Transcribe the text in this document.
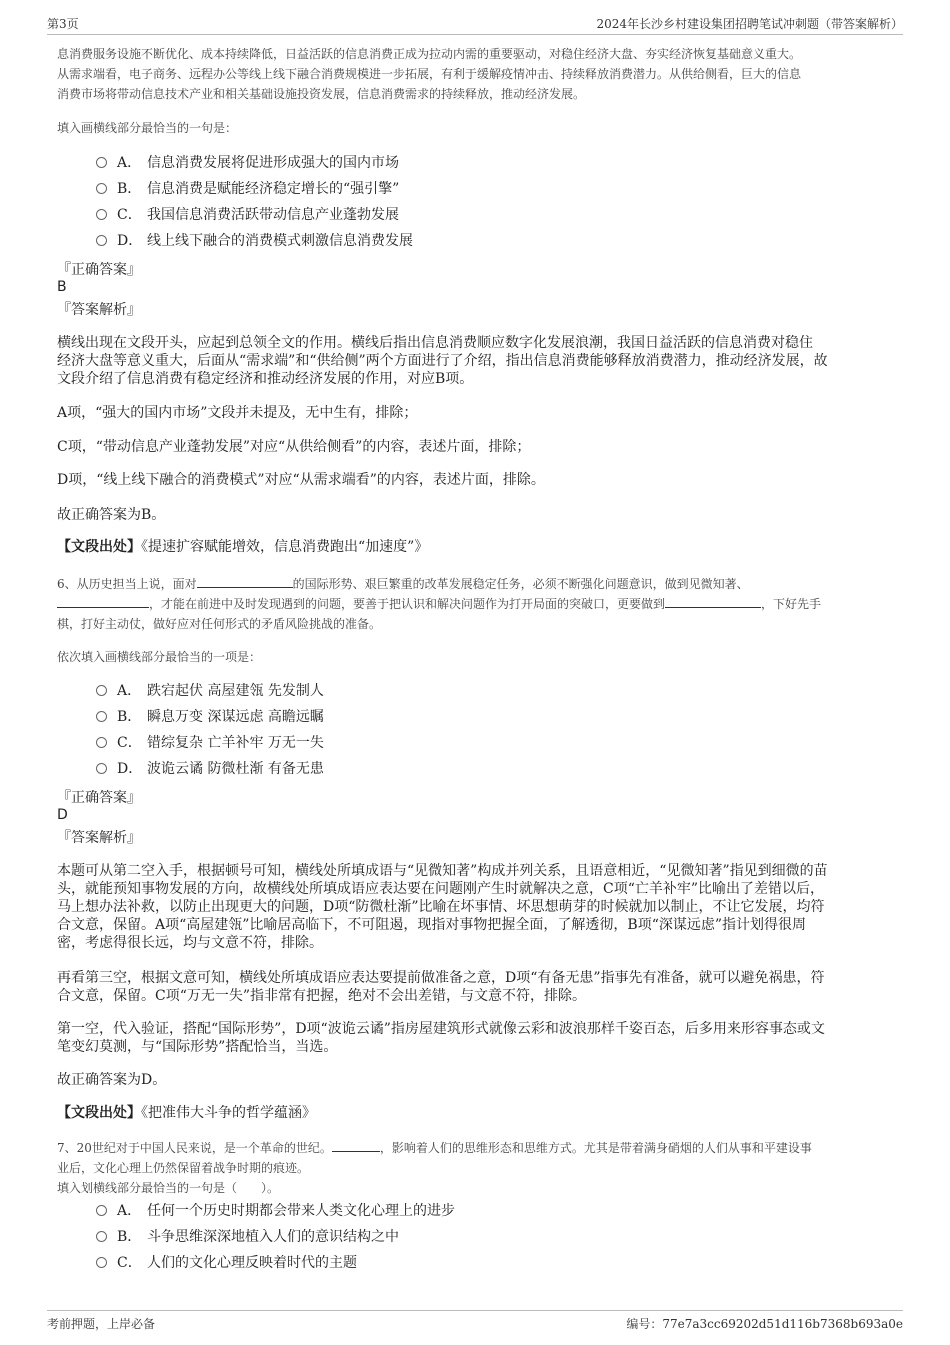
第3页	2024年长沙乡村建设集团招聘笔试冲刺题（带答案解析）
息消费服务设施不断优化、成本持续降低，日益活跃的信息消费正成为拉动内需的重要驱动，对稳住经济大盘、夯实经济恢复基础意义重大。
从需求端看，电子商务、远程办公等线上线下融合消费规模进一步拓展，有利于缓解疫情冲击、持续释放消费潜力。从供给侧看，巨大的信息
消费市场将带动信息技术产业和相关基础设施投资发展，信息消费需求的持续释放，推动经济发展。
填入画横线部分最恰当的一句是：
A． 信息消费发展将促进形成强大的国内市场
B． 信息消费是赋能经济稳定增长的“强引擎”
C． 我国信息消费活跃带动信息产业蓬勃发展
D． 线上线下融合的消费模式刺激信息消费发展
『正确答案』
B
『答案解析』
横线出现在文段开头，应起到总领全文的作用。横线后指出信息消费顺应数字化发展浪潮，我国日益活跃的信息消费对稳住
经济大盘等意义重大，后面从“需求端”和“供给侧”两个方面进行了介绍，指出信息消费能够释放消费潜力，推动经济发展，故
文段介绍了信息消费有稳定经济和推动经济发展的作用，对应B项。
A项，“强大的国内市场”文段并未提及，无中生有，排除；
C项，“带动信息产业蓬勃发展”对应“从供给侧看”的内容，表述片面，排除；
D项，“线上线下融合的消费模式”对应“从需求端看”的内容，表述片面，排除。
故正确答案为B。
【文段出处】《提速扩容赋能增效，信息消费跑出“加速度”》
6、从历史担当上说，面对	的国际形势、艰巨繁重的改革发展稳定任务，必须不断强化问题意识，做到见微知著、
，才能在前进中及时发现遇到的问题，要善于把认识和解决问题作为打开局面的突破口，更要做到	，下好先手
棋，打好主动仗，做好应对任何形式的矛盾风险挑战的准备。
依次填入画横线部分最恰当的一项是：
A． 跌宕起伏 高屋建瓴 先发制人
B． 瞬息万变 深谋远虑 高瞻远瞩
C． 错综复杂 亡羊补牢 万无一失
D． 波诡云谲 防微杜渐 有备无患
『正确答案』
D
『答案解析』
本题可从第二空入手，根据顿号可知，横线处所填成语与“见微知著”构成并列关系，且语意相近，“见微知著”指见到细微的苗
头，就能预知事物发展的方向，故横线处所填成语应表达要在问题刚产生时就解决之意，C项“亡羊补牢”比喻出了差错以后，
马上想办法补救，以防止出现更大的问题，D项“防微杜渐”比喻在坏事情、坏思想萌芽的时候就加以制止，不让它发展，均符
合文意，保留。A项“高屋建瓴”比喻居高临下，不可阻遏，现指对事物把握全面，了解透彻，B项“深谋远虑”指计划得很周
密，考虑得很长远，均与文意不符，排除。
再看第三空，根据文意可知，横线处所填成语应表达要提前做准备之意，D项“有备无患”指事先有准备，就可以避免祸患，符
合文意，保留。C项“万无一失”指非常有把握，绝对不会出差错，与文意不符，排除。
第一空，代入验证，搭配“国际形势”，D项“波诡云谲”指房屋建筑形式就像云彩和波浪那样千姿百态，后多用来形容事态或文
笔变幻莫测，与“国际形势”搭配恰当，当选。
故正确答案为D。
【文段出处】《把准伟大斗争的哲学蕴涵》
7、20世纪对于中国人民来说，是一个革命的世纪。	，影响着人们的思维形态和思维方式。尤其是带着满身硝烟的人们从事和平建设事
业后，文化心理上仍然保留着战争时期的痕迹。
填入划横线部分最恰当的一句是（　　）。
A． 任何一个历史时期都会带来人类文化心理上的进步
B． 斗争思维深深地植入人们的意识结构之中
C． 人们的文化心理反映着时代的主题
考前押题，上岸必备	编号：77e7a3cc69202d51d116b7368b693a0e
